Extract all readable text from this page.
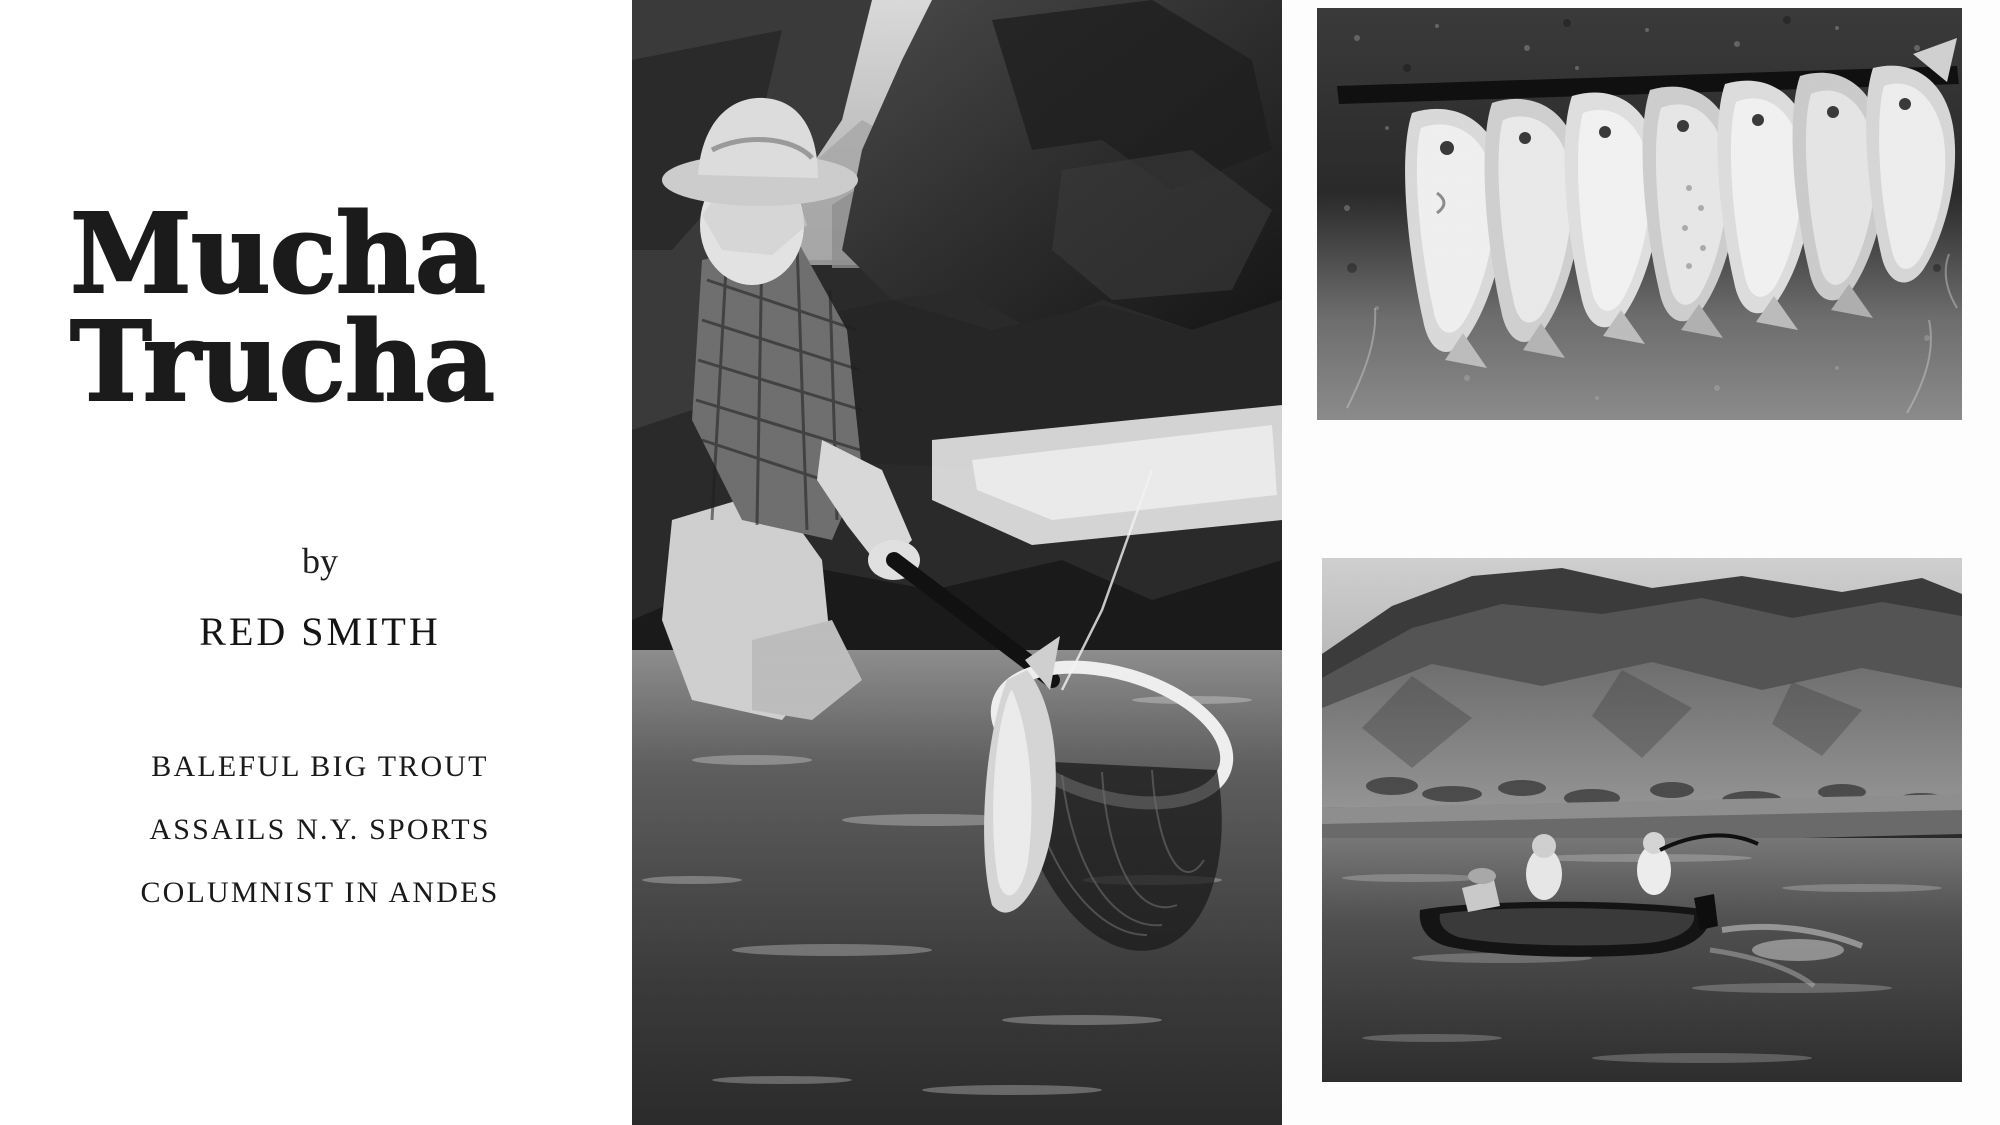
Mucha
Trucha
by
RED SMITH
BALEFUL BIG TROUT
ASSAILS N.Y. SPORTS
COLUMNIST IN ANDES
